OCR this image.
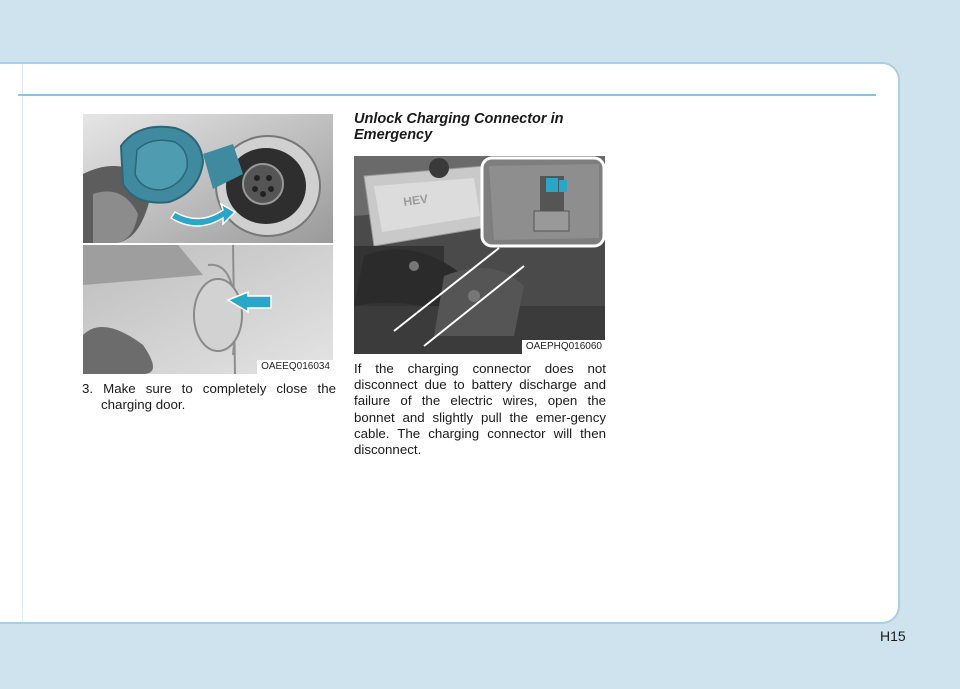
OAEEQ016034
3. Make sure to completely close the charging door.
Unlock Charging Connector in Emergency
HEV
OAEPHQ016060
If the charging connector does not disconnect due to battery discharge and failure of the electric wires, open the bonnet and slightly pull the emer-gency cable. The charging connector will then disconnect.
H15
